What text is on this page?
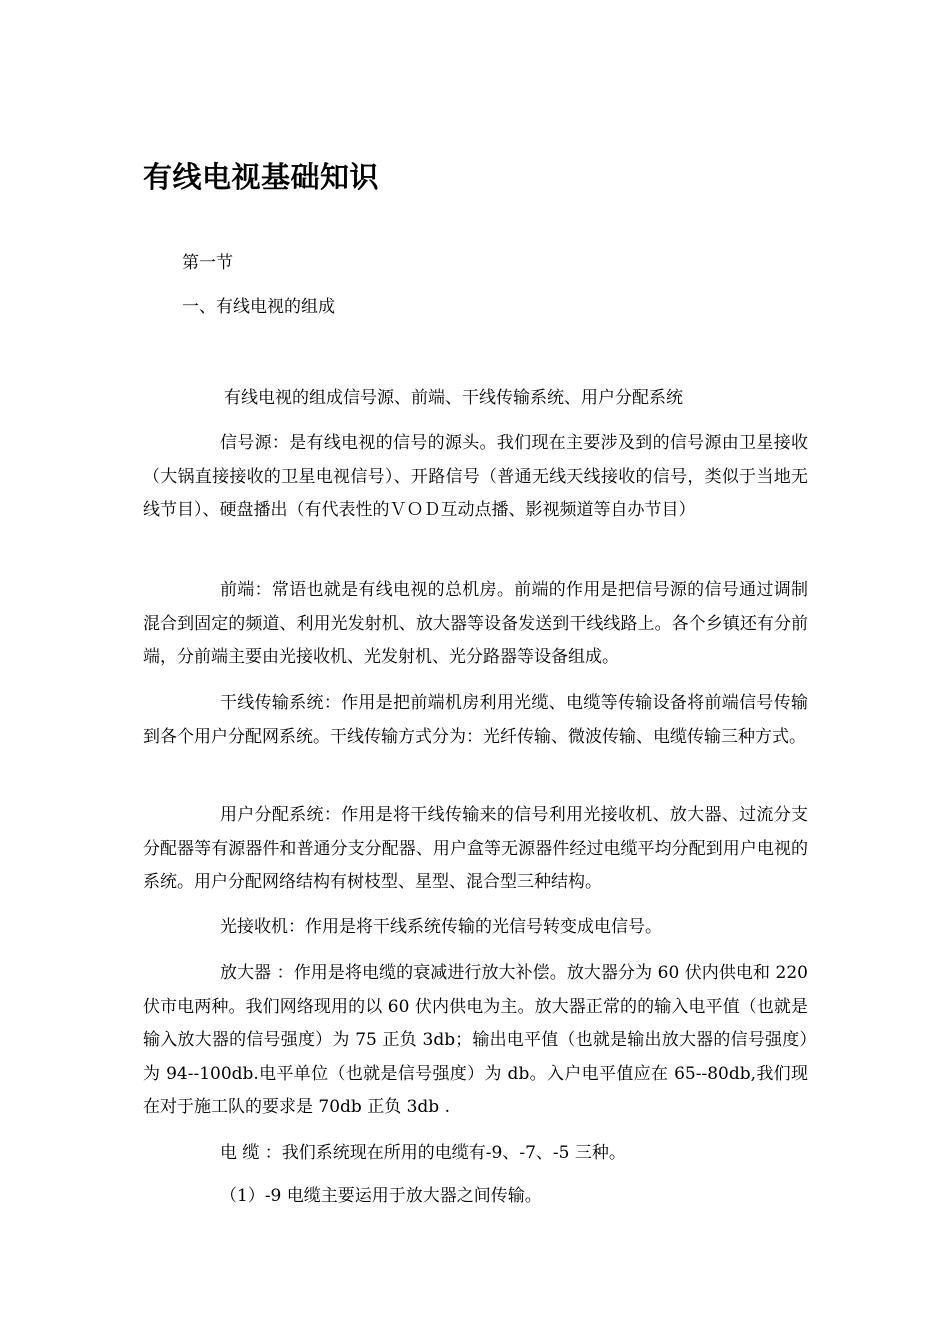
有线电视基础知识

第一节

一、有线电视的组成

有线电视的组成信号源、前端、干线传输系统、用户分配系统

信号源：是有线电视的信号的源头。我们现在主要涉及到的信号源由卫星接收（大锅直接接收的卫星电视信号）、开路信号（普通无线天线接收的信号，类似于当地无线节目）、硬盘播出（有代表性的ＶＯＤ互动点播、影视频道等自办节目）

前端：常语也就是有线电视的总机房。前端的作用是把信号源的信号通过调制混合到固定的频道、利用光发射机、放大器等设备发送到干线线路上。各个乡镇还有分前端，分前端主要由光接收机、光发射机、光分路器等设备组成。

干线传输系统：作用是把前端机房利用光缆、电缆等传输设备将前端信号传输到各个用户分配网系统。干线传输方式分为：光纤传输、微波传输、电缆传输三种方式。

用户分配系统：作用是将干线传输来的信号利用光接收机、放大器、过流分支分配器等有源器件和普通分支分配器、用户盒等无源器件经过电缆平均分配到用户电视的系统。用户分配网络结构有树枝型、星型、混合型三种结构。

光接收机：作用是将干线系统传输的光信号转变成电信号。

放大器 ：作用是将电缆的衰减进行放大补偿。放大器分为 60 伏内供电和 220 伏市电两种。我们网络现用的以 60 伏内供电为主。放大器正常的的输入电平值（也就是输入放大器的信号强度）为 75 正负 3db；输出电平值（也就是输出放大器的信号强度）为 94--100db.电平单位（也就是信号强度）为 db。入户电平值应在 65--80db,我们现在对于施工队的要求是 70db 正负 3db .

电 缆 ：我们系统现在所用的电缆有-9、-7、-5 三种。

（1）-9 电缆主要运用于放大器之间传输。
